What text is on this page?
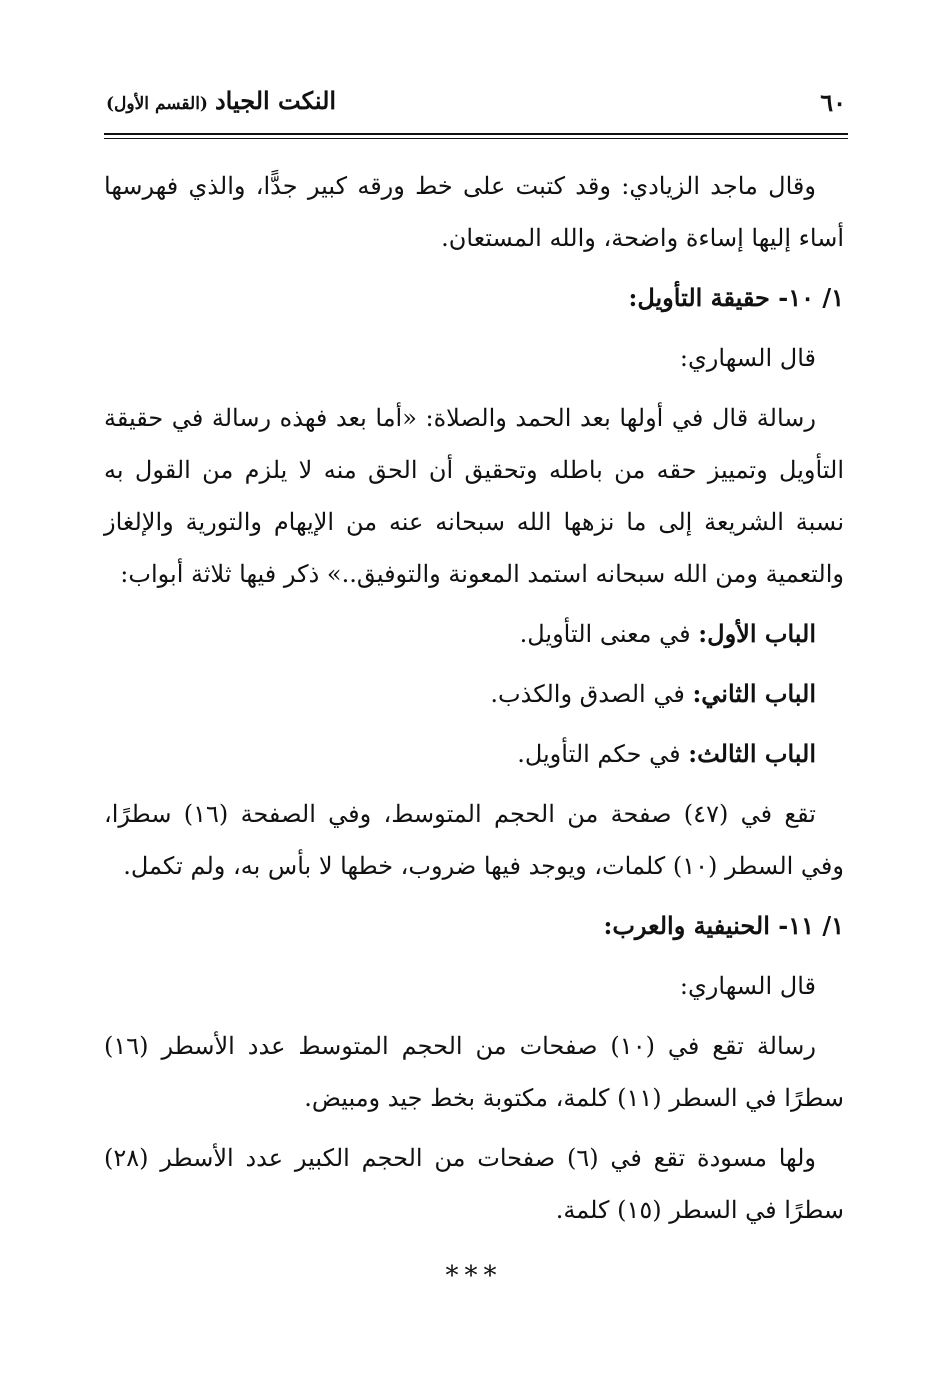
٦٠
النكت الجياد (القسم الأول)

وقال ماجد الزيادي: وقد كتبت على خط ورقه كبير جدًّا، والذي فهرسها أساء إليها إساءة واضحة، والله المستعان.

١/ ١٠- حقيقة التأويل:

قال السهاري:

رسالة قال في أولها بعد الحمد والصلاة: «أما بعد فهذه رسالة في حقيقة التأويل وتمييز حقه من باطله وتحقيق أن الحق منه لا يلزم من القول به نسبة الشريعة إلى ما نزهها الله سبحانه عنه من الإيهام والتورية والإلغاز والتعمية ومن الله سبحانه استمد المعونة والتوفيق..» ذكر فيها ثلاثة أبواب:

الباب الأول: في معنى التأويل.

الباب الثاني: في الصدق والكذب.

الباب الثالث: في حكم التأويل.

تقع في (٤٧) صفحة من الحجم المتوسط، وفي الصفحة (١٦) سطرًا، وفي السطر (١٠) كلمات، ويوجد فيها ضروب، خطها لا بأس به، ولم تكمل.

١/ ١١- الحنيفية والعرب:

قال السهاري:

رسالة تقع في (١٠) صفحات من الحجم المتوسط عدد الأسطر (١٦) سطرًا في السطر (١١) كلمة، مكتوبة بخط جيد ومبيض.

ولها مسودة تقع في (٦) صفحات من الحجم الكبير عدد الأسطر (٢٨) سطرًا في السطر (١٥) كلمة.

***
